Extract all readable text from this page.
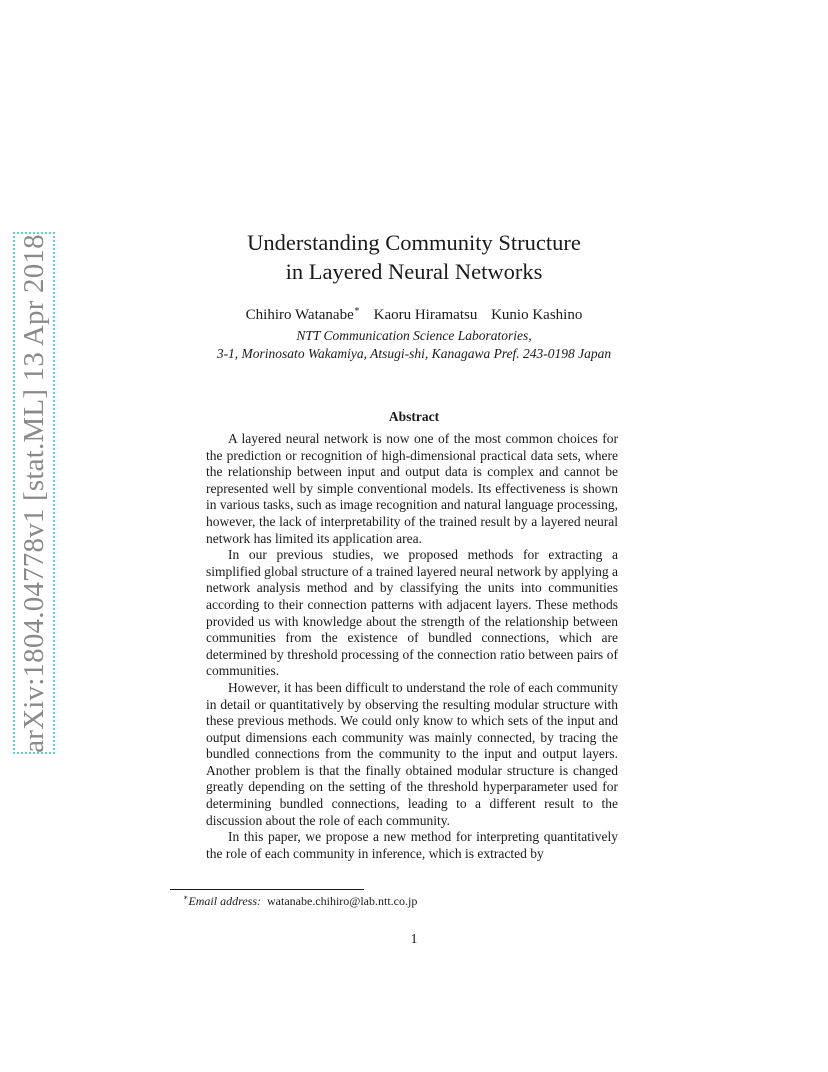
arXiv:1804.04778v1 [stat.ML] 13 Apr 2018	Understanding Community Structure
in Layered Neural Networks
Chihiro Watanabe∗ Kaoru Hiramatsu Kunio Kashino
NTT Communication Science Laboratories,
3-1, Morinosato Wakamiya, Atsugi-shi, Kanagawa Pref. 243-0198 Japan
Abstract

A layered neural network is now one of the most common choices for the prediction or recognition of high-dimensional practical data sets, where the relationship between input and output data is complex and cannot be represented well by simple conventional models. Its effectiveness is shown in various tasks, such as image recognition and natural language processing, however, the lack of interpretability of the trained result by a layered neural network has limited its application area.

In our previous studies, we proposed methods for extracting a simplified global structure of a trained layered neural network by applying a network analysis method and by classifying the units into communities according to their connection patterns with adjacent layers. These methods provided us with knowledge about the strength of the relationship between communities from the existence of bundled connections, which are determined by threshold processing of the connection ratio between pairs of communities.

However, it has been difficult to understand the role of each community in detail or quantitatively by observing the resulting modular structure with these previous methods. We could only know to which sets of the input and output dimensions each community was mainly connected, by tracing the bundled connections from the community to the input and output layers. Another problem is that the finally obtained modular structure is changed greatly depending on the setting of the threshold hyperparameter used for determining bundled connections, leading to a different result to the discussion about the role of each community.

In this paper, we propose a new method for interpreting quantitatively the role of each community in inference, which is extracted by

∗Email address: watanabe.chihiro@lab.ntt.co.jp
1
